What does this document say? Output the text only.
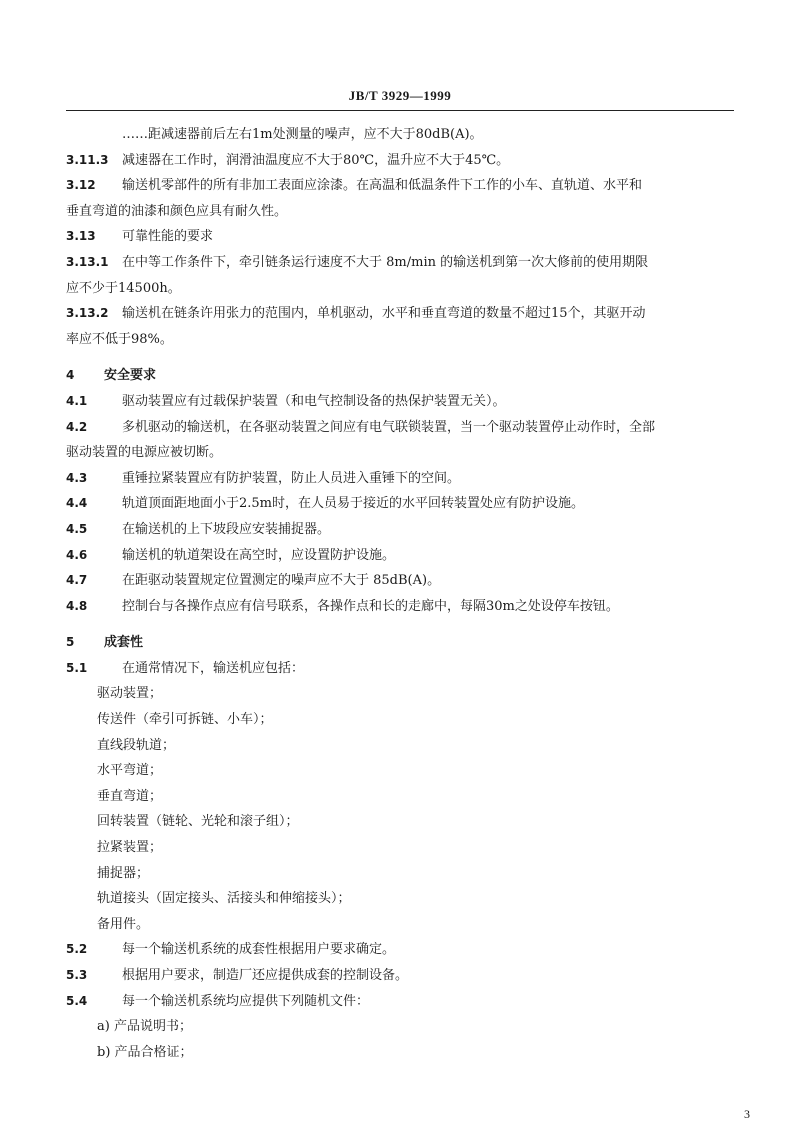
JB/T 3929—1999
……距减速器前后左右1m处测量的噪声，应不大于80dB(A)。
3.11.3 减速器在工作时，润滑油温度应不大于80℃，温升应不大于45℃。
3.12 输送机零部件的所有非加工表面应涂漆。在高温和低温条件下工作的小车、直轨道、水平和
垂直弯道的油漆和颜色应具有耐久性。
3.13 可靠性能的要求
3.13.1 在中等工作条件下，牵引链条运行速度不大于 8m/min 的输送机到第一次大修前的使用期限
应不少于14500h。
3.13.2 输送机在链条许用张力的范围内，单机驱动，水平和垂直弯道的数量不超过15个，其驱开动
率应不低于98%。
4 安全要求
4.1	驱动装置应有过载保护装置（和电气控制设备的热保护装置无关）。
4.2	多机驱动的输送机，在各驱动装置之间应有电气联锁装置，当一个驱动装置停止动作时，全部
驱动装置的电源应被切断。
4.3	重锤拉紧装置应有防护装置，防止人员进入重锤下的空间。
4.4	轨道顶面距地面小于2.5m时，在人员易于接近的水平回转装置处应有防护设施。
4.5	在输送机的上下坡段应安装捕捉器。
4.6	输送机的轨道架设在高空时，应设置防护设施。
4.7	在距驱动装置规定位置测定的噪声应不大于 85dB(A)。
4.8	控制台与各操作点应有信号联系，各操作点和长的走廊中，每隔30m之处设停车按钮。
5 成套性
5.1	在通常情况下，输送机应包括：
驱动装置；
传送件（牵引可拆链、小车）；
直线段轨道；
水平弯道；
垂直弯道；
回转装置（链轮、光轮和滚子组）；
拉紧装置；
捕捉器；
轨道接头（固定接头、活接头和伸缩接头）；
备用件。
5.2	每一个输送机系统的成套性根据用户要求确定。
5.3	根据用户要求，制造厂还应提供成套的控制设备。
5.4	每一个输送机系统均应提供下列随机文件：
a) 产品说明书；
b) 产品合格证；
3
